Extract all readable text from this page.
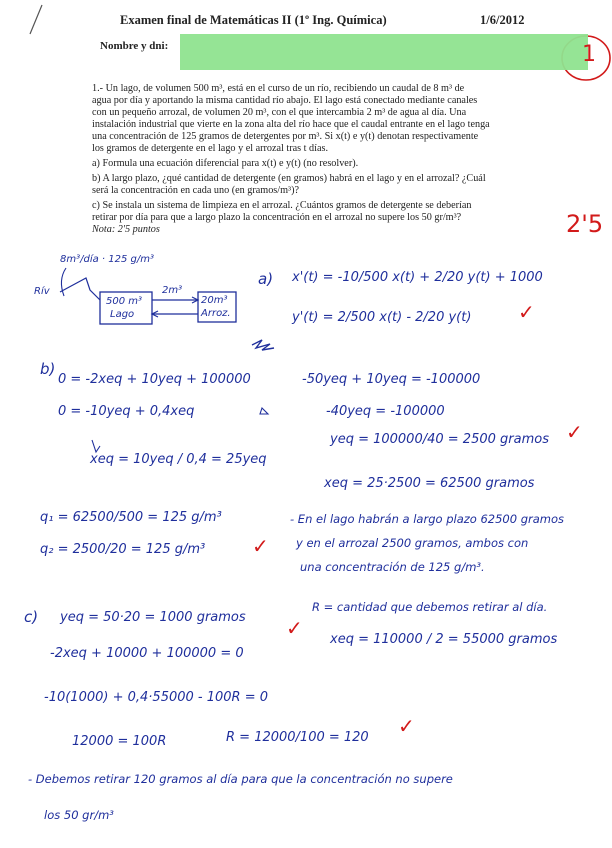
Examen final de Matemáticas II (1º Ing. Química)	1/6/2012
Nombre y dni:	1
1.- Un lago, de volumen 500 m³, está en el curso de un río, recibiendo un caudal de 8 m³ de
agua por día y aportando la misma cantidad río abajo. El lago está conectado mediante canales
con un pequeño arrozal, de volumen 20 m³, con el que intercambia 2 m³ de agua al día. Una
instalación industrial que vierte en la zona alta del río hace que el caudal entrante en el lago tenga
una concentración de 125 gramos de detergentes por m³. Si x(t) e y(t) denotan respectivamente
los gramos de detergente en el lago y el arrozal tras t días.
a) Formula una ecuación diferencial para x(t) e y(t) (no resolver).
b) A largo plazo, ¿qué cantidad de detergente (en gramos) habrá en el lago y en el arrozal? ¿Cuál
será la concentración en cada uno (en gramos/m³)?
c) Se instala un sistema de limpieza en el arrozal. ¿Cuántos gramos de detergente se deberían
retirar por día para que a largo plazo la concentración en el arrozal no supere los 50 gr/m³?
Nota: 2'5 puntos	2'5
8m³/día · 125 g/m³
Rív
500 m³
Lago
2m³
20m³
Arroz.
a) x'(t) = -10/500 x(t) + 2/20 y(t) + 1000
y'(t) = 2/500 x(t) - 2/20 y(t) ✓
b)
0 = -2xeq + 10yeq + 100000
0 = -10yeq + 0,4xeq
xeq = 10yeq / 0,4 = 25yeq
-50yeq + 10yeq = -100000
-40yeq = -100000
yeq = 100000/40 = 2500 gramos ✓
xeq = 25·2500 = 62500 gramos
q₁ = 62500/500 = 125 g/m³
q₂ = 2500/20 = 125 g/m³ ✓
- En el lago habrán a largo plazo 62500 gramos
y en el arrozal 2500 gramos, ambos con
una concentración de 125 g/m³.
c) yeq = 50·20 = 1000 gramos ✓
R = cantidad que debemos retirar al día.
-2xeq + 10000 + 100000 = 0
xeq = 110000 / 2 = 55000 gramos
-10(1000) + 0,4·55000 - 100R = 0
12000 = 100R	R = 12000/100 = 120 ✓
- Debemos retirar 120 gramos al día para que la concentración no supere
los 50 gr/m³
